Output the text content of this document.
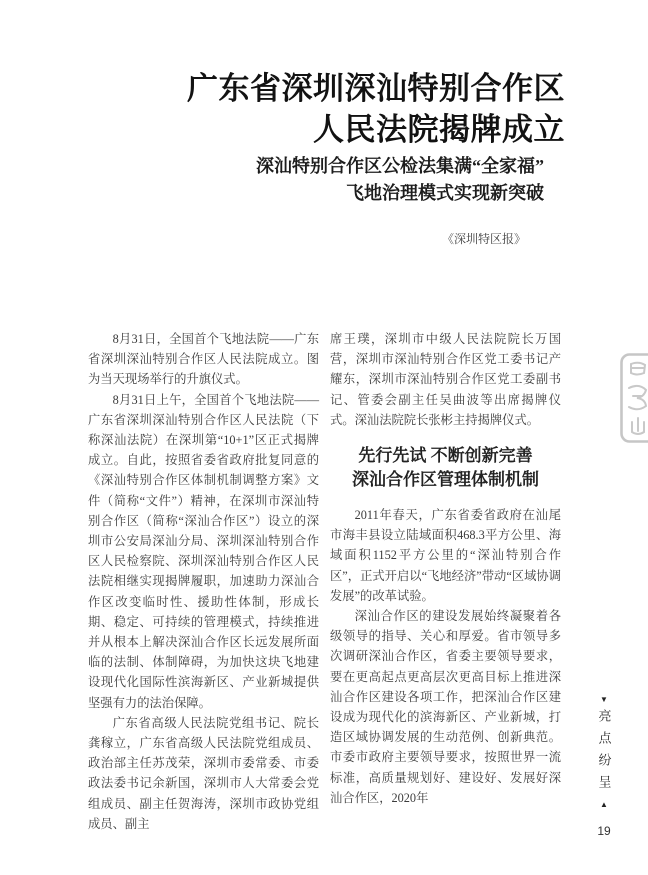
广东省深圳深汕特别合作区
人民法院揭牌成立
深汕特别合作区公检法集满“全家福”
飞地治理模式实现新突破
《深圳特区报》

8月31日，全国首个飞地法院——广东省深圳深汕特别合作区人民法院成立。图为当天现场举行的升旗仪式。

8月31日上午，全国首个飞地法院——广东省深圳深汕特别合作区人民法院（下称深汕法院）在深圳第“10+1”区正式揭牌成立。自此，按照省委省政府批复同意的《深汕特别合作区体制机制调整方案》文件（简称“文件”）精神，在深圳市深汕特别合作区（简称“深汕合作区”）设立的深圳市公安局深汕分局、深圳深汕特别合作区人民检察院、深圳深汕特别合作区人民法院相继实现揭牌履职，加速助力深汕合作区改变临时性、援助性体制，形成长期、稳定、可持续的管理模式，持续推进并从根本上解决深汕合作区长远发展所面临的法制、体制障碍，为加快这块飞地建设现代化国际性滨海新区、产业新城提供坚强有力的法治保障。

广东省高级人民法院党组书记、院长龚稼立，广东省高级人民法院党组成员、政治部主任苏茂荣，深圳市委常委、市委政法委书记余新国，深圳市人大常委会党组成员、副主任贺海涛，深圳市政协党组成员、副主

席王璞，深圳市中级人民法院院长万国营，深圳市深汕特别合作区党工委书记产耀东，深圳市深汕特别合作区党工委副书记、管委会副主任吴曲波等出席揭牌仪式。深汕法院院长张彬主持揭牌仪式。

先行先试 不断创新完善
深汕合作区管理体制机制

2011年春天，广东省委省政府在汕尾市海丰县设立陆域面积468.3平方公里、海域面积1152平方公里的“深汕特别合作区”，正式开启以“飞地经济”带动“区域协调发展”的改革试验。

深汕合作区的建设发展始终凝聚着各级领导的指导、关心和厚爱。省市领导多次调研深汕合作区，省委主要领导要求，要在更高起点更高层次更高目标上推进深汕合作区建设各项工作，把深汕合作区建设成为现代化的滨海新区、产业新城，打造区域协调发展的生动范例、创新典范。市委市政府主要领导要求，按照世界一流标准，高质量规划好、建设好、发展好深汕合作区，2020年

▼
亮点纷呈
▲
19
